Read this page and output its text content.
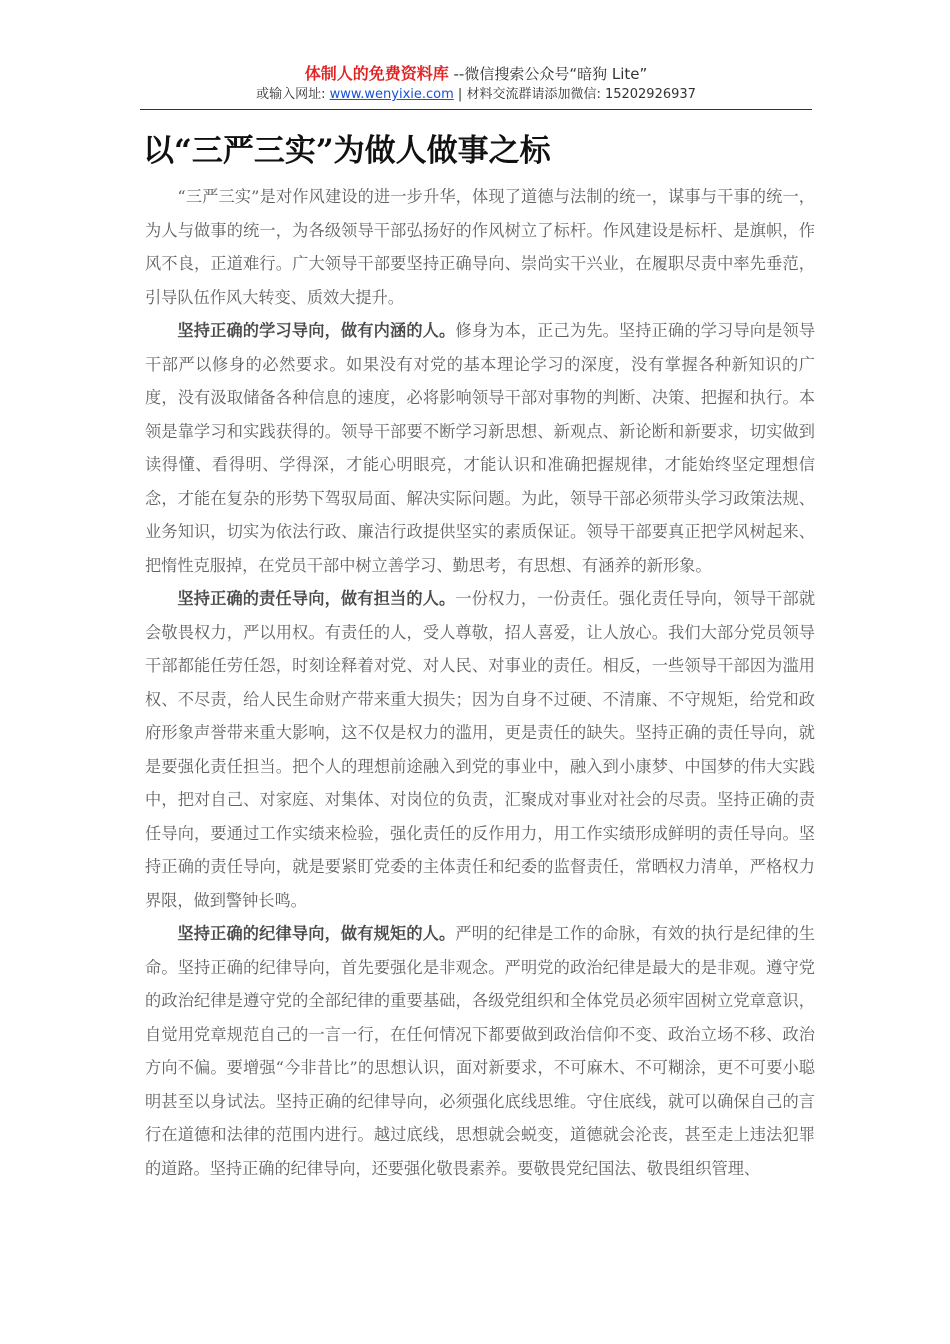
体制人的免费资料库 --微信搜索公众号“暗狗 Lite”
或输入网址: www.wenyixie.com | 材料交流群请添加微信: 15202926937
以“三严三实”为做人做事之标

“三严三实”是对作风建设的进一步升华，体现了道德与法制的统一，谋事与干事的统一，为人与做事的统一，为各级领导干部弘扬好的作风树立了标杆。作风建设是标杆、是旗帜，作风不良，正道难行。广大领导干部要坚持正确导向、崇尚实干兴业，在履职尽责中率先垂范，引导队伍作风大转变、质效大提升。

坚持正确的学习导向，做有内涵的人。修身为本，正己为先。坚持正确的学习导向是领导干部严以修身的必然要求。如果没有对党的基本理论学习的深度，没有掌握各种新知识的广度，没有汲取储备各种信息的速度，必将影响领导干部对事物的判断、决策、把握和执行。本领是靠学习和实践获得的。领导干部要不断学习新思想、新观点、新论断和新要求，切实做到读得懂、看得明、学得深，才能心明眼亮，才能认识和准确把握规律，才能始终坚定理想信念，才能在复杂的形势下驾驭局面、解决实际问题。为此，领导干部必须带头学习政策法规、业务知识，切实为依法行政、廉洁行政提供坚实的素质保证。领导干部要真正把学风树起来、把惰性克服掉，在党员干部中树立善学习、勤思考，有思想、有涵养的新形象。

坚持正确的责任导向，做有担当的人。一份权力，一份责任。强化责任导向，领导干部就会敬畏权力，严以用权。有责任的人，受人尊敬，招人喜爱，让人放心。我们大部分党员领导干部都能任劳任怨，时刻诠释着对党、对人民、对事业的责任。相反，一些领导干部因为滥用权、不尽责，给人民生命财产带来重大损失；因为自身不过硬、不清廉、不守规矩，给党和政府形象声誉带来重大影响，这不仅是权力的滥用，更是责任的缺失。坚持正确的责任导向，就是要强化责任担当。把个人的理想前途融入到党的事业中，融入到小康梦、中国梦的伟大实践中，把对自己、对家庭、对集体、对岗位的负责，汇聚成对事业对社会的尽责。坚持正确的责任导向，要通过工作实绩来检验，强化责任的反作用力，用工作实绩形成鲜明的责任导向。坚持正确的责任导向，就是要紧盯党委的主体责任和纪委的监督责任，常晒权力清单，严格权力界限，做到警钟长鸣。

坚持正确的纪律导向，做有规矩的人。严明的纪律是工作的命脉，有效的执行是纪律的生命。坚持正确的纪律导向，首先要强化是非观念。严明党的政治纪律是最大的是非观。遵守党的政治纪律是遵守党的全部纪律的重要基础，各级党组织和全体党员必须牢固树立党章意识，自觉用党章规范自己的一言一行，在任何情况下都要做到政治信仰不变、政治立场不移、政治方向不偏。要增强“今非昔比”的思想认识，面对新要求，不可麻木、不可糊涂，更不可要小聪明甚至以身试法。坚持正确的纪律导向，必须强化底线思维。守住底线，就可以确保自己的言行在道德和法律的范围内进行。越过底线，思想就会蜕变，道德就会沦丧，甚至走上违法犯罪的道路。坚持正确的纪律导向，还要强化敬畏素养。要敬畏党纪国法、敬畏组织管理、
